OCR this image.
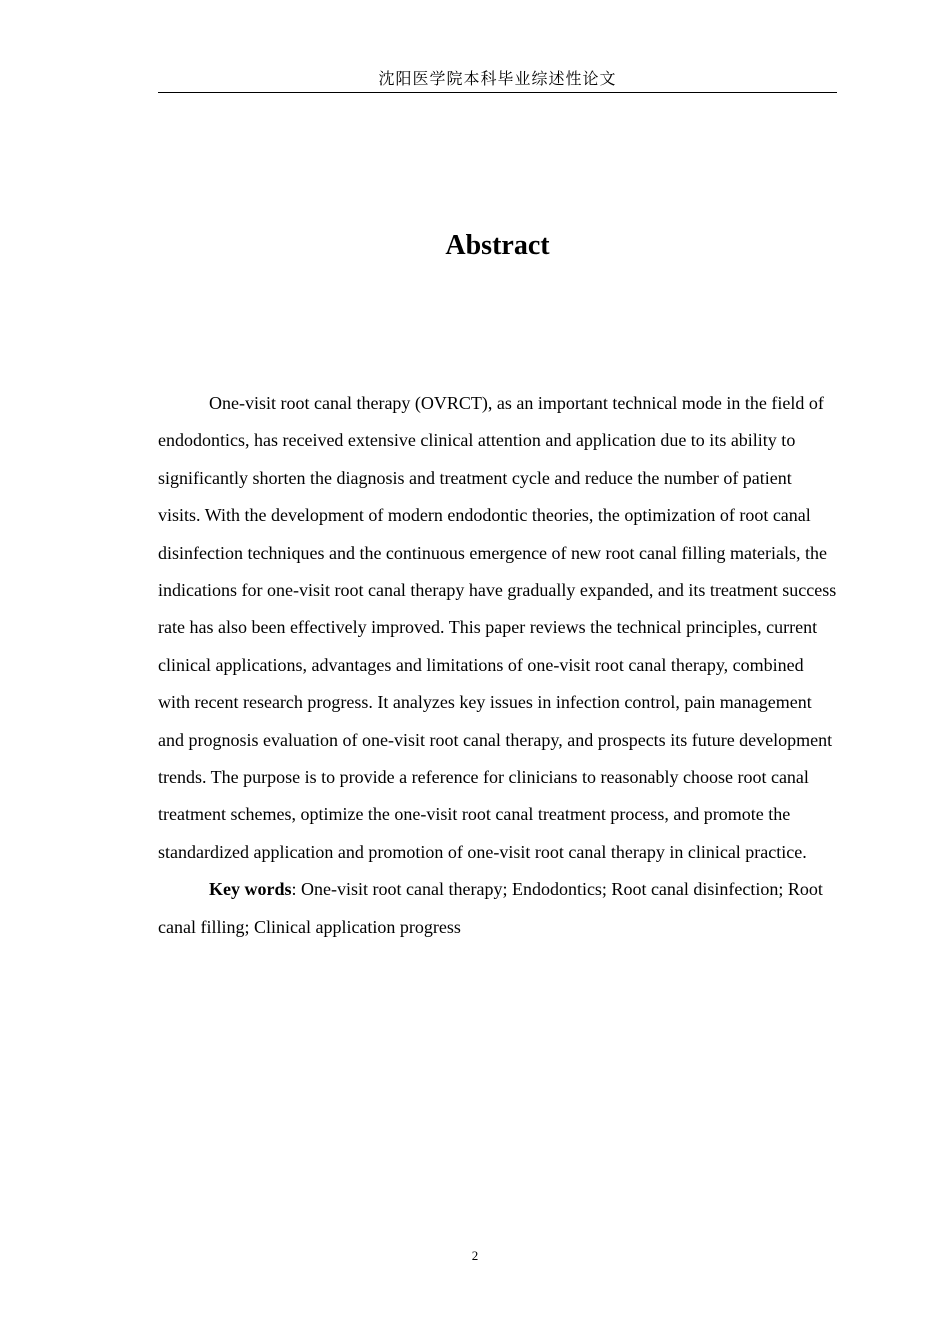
沈阳医学院本科毕业综述性论文
Abstract

One-visit root canal therapy (OVRCT), as an important technical mode in the field of endodontics, has received extensive clinical attention and application due to its ability to significantly shorten the diagnosis and treatment cycle and reduce the number of patient visits. With the development of modern endodontic theories, the optimization of root canal disinfection techniques and the continuous emergence of new root canal filling materials, the indications for one-visit root canal therapy have gradually expanded, and its treatment success rate has also been effectively improved. This paper reviews the technical principles, current clinical applications, advantages and limitations of one-visit root canal therapy, combined with recent research progress. It analyzes key issues in infection control, pain management and prognosis evaluation of one-visit root canal therapy, and prospects its future development trends. The purpose is to provide a reference for clinicians to reasonably choose root canal treatment schemes, optimize the one-visit root canal treatment process, and promote the standardized application and promotion of one-visit root canal therapy in clinical practice.

Key words: One-visit root canal therapy; Endodontics; Root canal disinfection; Root canal filling; Clinical application progress

2
